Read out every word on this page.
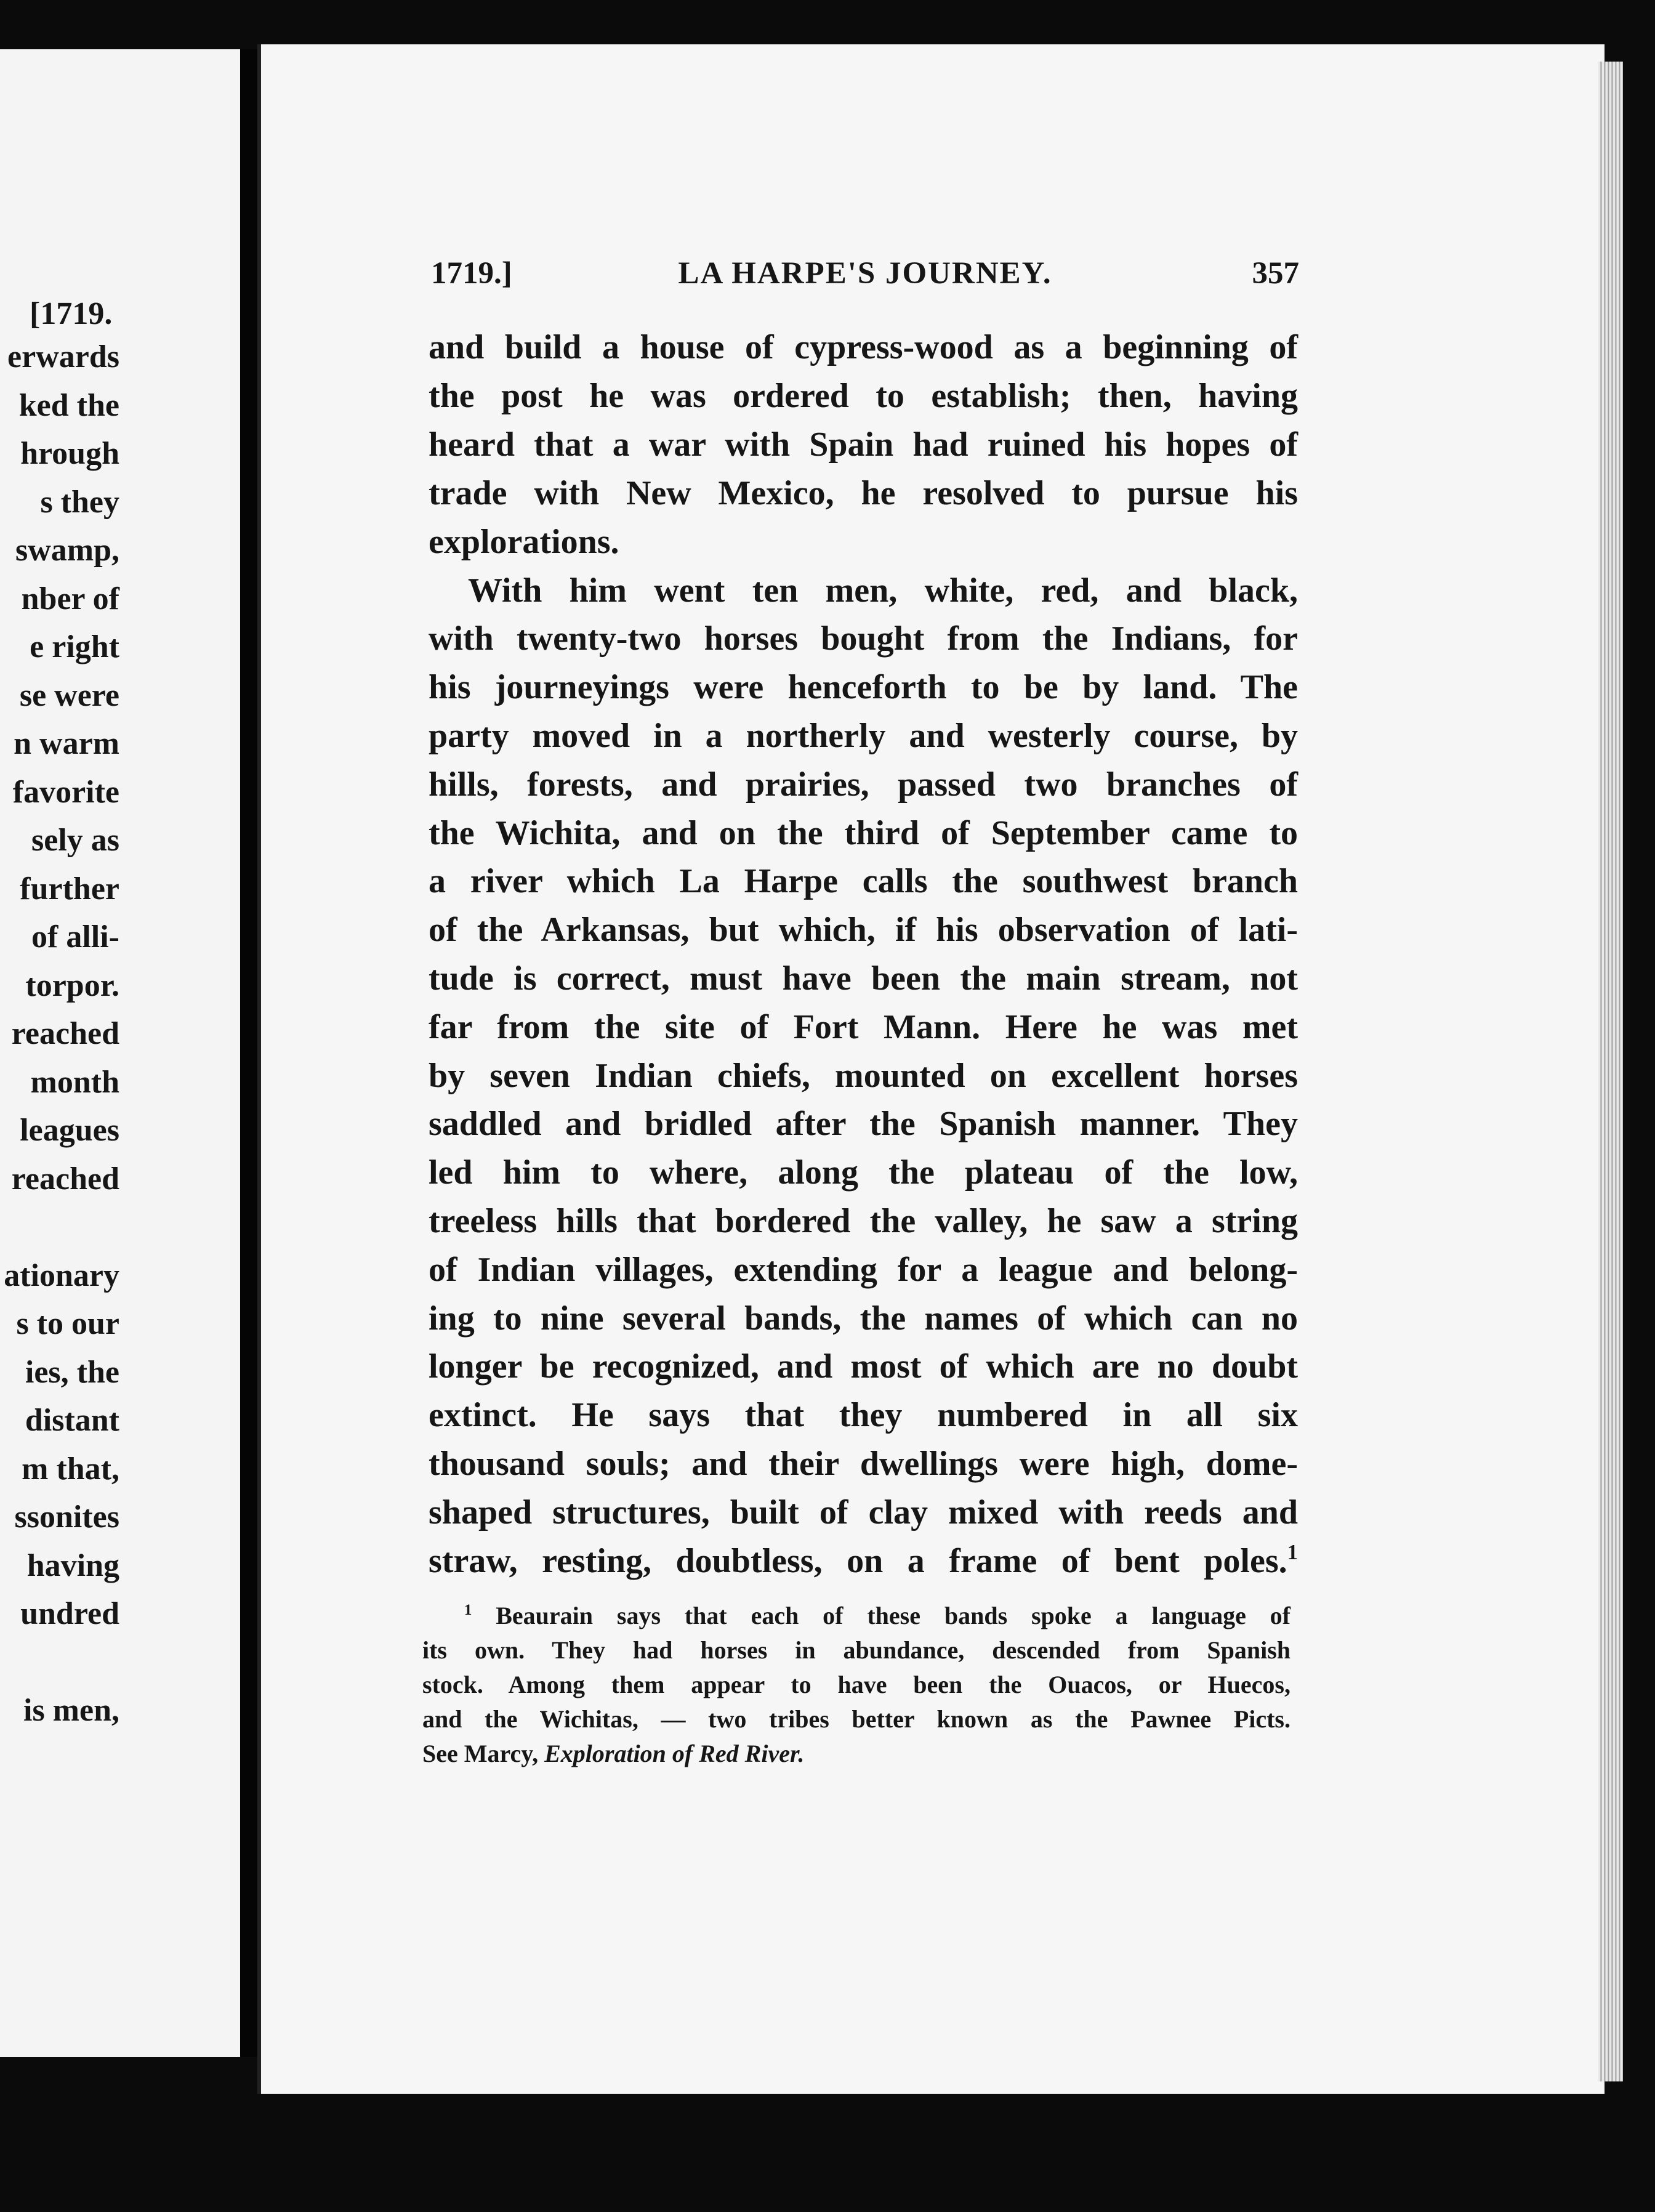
[1719.
erwards
ked the
hrough
s they
swamp,
nber of
e right
se were
n warm
favorite
sely as
further
of alli-
torpor.
reached
month
leagues
reached
ationary
s to our
ies, the
distant
m that,
ssonites
having
undred
is men,
1719.]	LA HARPE'S JOURNEY.	357
and build a house of cypress-wood as a beginning of
the post he was ordered to establish; then, having
heard that a war with Spain had ruined his hopes of
trade with New Mexico, he resolved to pursue his
explorations.
With him went ten men, white, red, and black,
with twenty-two horses bought from the Indians, for
his journeyings were henceforth to be by land. The
party moved in a northerly and westerly course, by
hills, forests, and prairies, passed two branches of
the Wichita, and on the third of September came to
a river which La Harpe calls the southwest branch
of the Arkansas, but which, if his observation of lati-
tude is correct, must have been the main stream, not
far from the site of Fort Mann. Here he was met
by seven Indian chiefs, mounted on excellent horses
saddled and bridled after the Spanish manner. They
led him to where, along the plateau of the low,
treeless hills that bordered the valley, he saw a string
of Indian villages, extending for a league and belong-
ing to nine several bands, the names of which can no
longer be recognized, and most of which are no doubt
extinct. He says that they numbered in all six
thousand souls; and their dwellings were high, dome-
shaped structures, built of clay mixed with reeds and
straw, resting, doubtless, on a frame of bent poles.$^1$
$^1$ Beaurain says that each of these bands spoke a language of
its own. They had horses in abundance, descended from Spanish
stock. Among them appear to have been the Ouacos, or Huecos,
and the Wichitas, — two tribes better known as the Pawnee Picts.
See Marcy, Exploration of Red River.
